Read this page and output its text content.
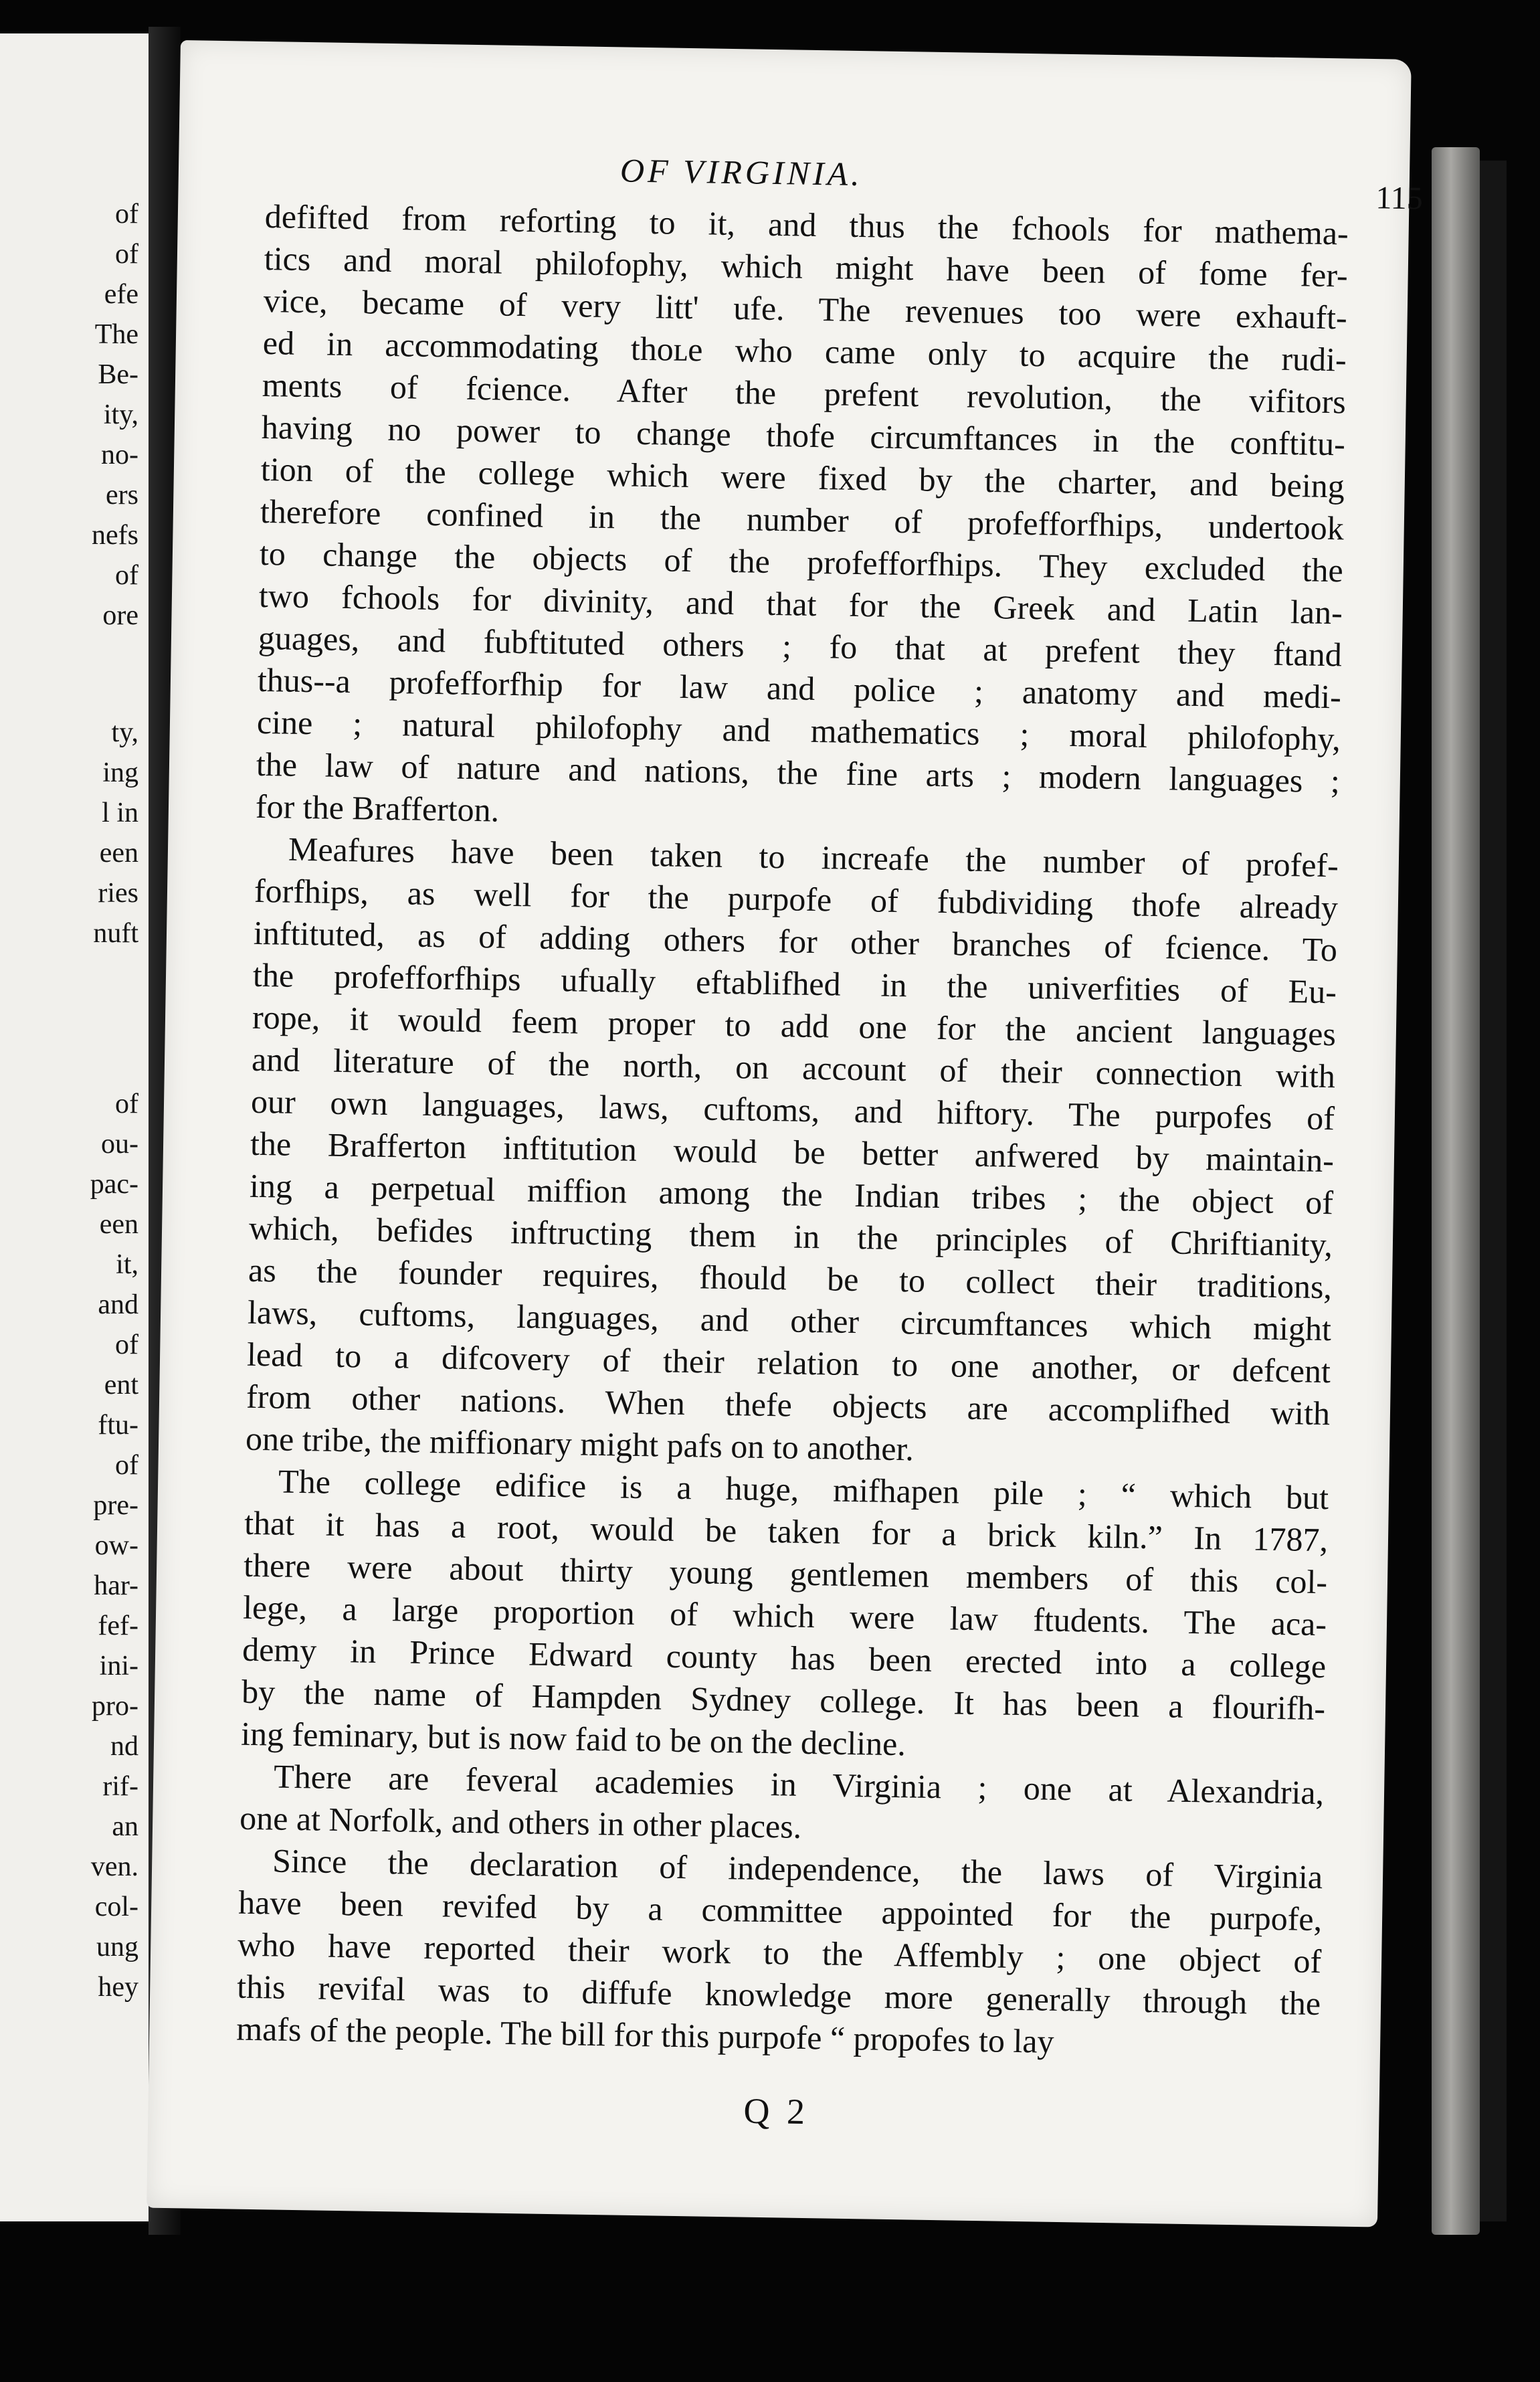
of
of
efe
The
Be-
ity,
no-
ers
nefs
of
ore
ty,
ing
l in
een
ries
nuft
of
ou-
pac-
een
it,
and
of
ent
ftu-
of
pre-
ow-
har-
fef-
ini-
pro-
nd
rif-
an
ven.
col-
ung
hey
OF VIRGINIA.
115
defifted from reforting to it, and thus the fchools for mathema-
tics and moral philofophy, which might have been of fome fer-
vice, became of very litt' ufe. The revenues too were exhauft-
ed in accommodating thoʟe who came only to acquire the rudi-
ments of fcience. After the prefent revolution, the vifitors
having no power to change thofe circumftances in the conftitu-
tion of the college which were fixed by the charter, and being
therefore confined in the number of profefforfhips, undertook
to change the objects of the profefforfhips. They excluded the
two fchools for divinity, and that for the Greek and Latin lan-
guages, and fubftituted others ; fo that at prefent they ftand
thus--a profefforfhip for law and police ; anatomy and medi-
cine ; natural philofophy and mathematics ; moral philofophy,
the law of nature and nations, the fine arts ; modern languages ;
for the Brafferton.
Meafures have been taken to increafe the number of profef-
forfhips, as well for the purpofe of fubdividing thofe already
inftituted, as of adding others for other branches of fcience. To
the profefforfhips ufually eftablifhed in the univerfities of Eu-
rope, it would feem proper to add one for the ancient languages
and literature of the north, on account of their connection with
our own languages, laws, cuftoms, and hiftory. The purpofes of
the Brafferton inftitution would be better anfwered by maintain-
ing a perpetual miffion among the Indian tribes ; the object of
which, befides inftructing them in the principles of Chriftianity,
as the founder requires, fhould be to collect their traditions,
laws, cuftoms, languages, and other circumftances which might
lead to a difcovery of their relation to one another, or defcent
from other nations. When thefe objects are accomplifhed with
one tribe, the miffionary might pafs on to another.
The college edifice is a huge, mifhapen pile ; “ which but
that it has a root, would be taken for a brick kiln.” In 1787,
there were about thirty young gentlemen members of this col-
lege, a large proportion of which were law ftudents. The aca-
demy in Prince Edward county has been erected into a college
by the name of Hampden Sydney college. It has been a flourifh-
ing feminary, but is now faid to be on the decline.
There are feveral academies in Virginia ; one at Alexandria,
one at Norfolk, and others in other places.
Since the declaration of independence, the laws of Virginia
have been revifed by a committee appointed for the purpofe,
who have reported their work to the Affembly ; one object of
this revifal was to diffufe knowledge more generally through the
mafs of the people. The bill for this purpofe “ propofes to lay
Q 2
